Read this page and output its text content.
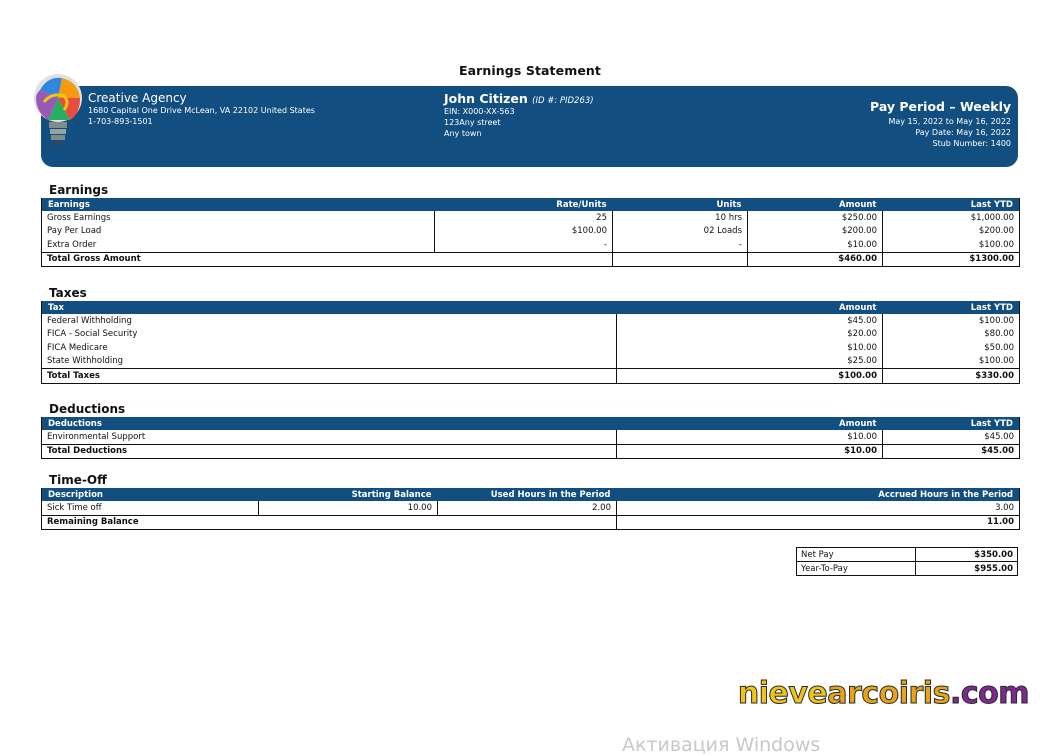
Earnings Statement
Creative Agency
1680 Capital One Drive McLean, VA 22102 United States
1-703-893-1501
John Citizen (ID #: PID263)
EIN: X000-XX-563
123Any street
Any town
Pay Period – Weekly
May 15, 2022 to May 16, 2022
Pay Date: May 16, 2022
Stub Number: 1400
Earnings
Earnings	Rate/Units	Units	Amount	Last YTD
Gross Earnings	25	10 hrs	$250.00	$1,000.00
Pay Per Load	$100.00	02 Loads	$200.00	$200.00
Extra Order	-	-	$10.00	$100.00
Total Gross Amount			$460.00	$1300.00
Taxes
Tax	Amount	Last YTD
Federal Withholding	$45.00	$100.00
FICA - Social Security	$20.00	$80.00
FICA Medicare	$10.00	$50.00
State Withholding	$25.00	$100.00
Total Taxes	$100.00	$330.00
Deductions
Deductions	Amount	Last YTD
Environmental Support	$10.00	$45.00
Total Deductions	$10.00	$45.00
Time-Off
Description	Starting Balance	Used Hours in the Period	Accrued Hours in the Period
Sick Time off	10.00	2.00	3.00
Remaining Balance			11.00
Net Pay	$350.00
Year-To-Pay	$955.00
nievearcoiris.com
Активация Windows
